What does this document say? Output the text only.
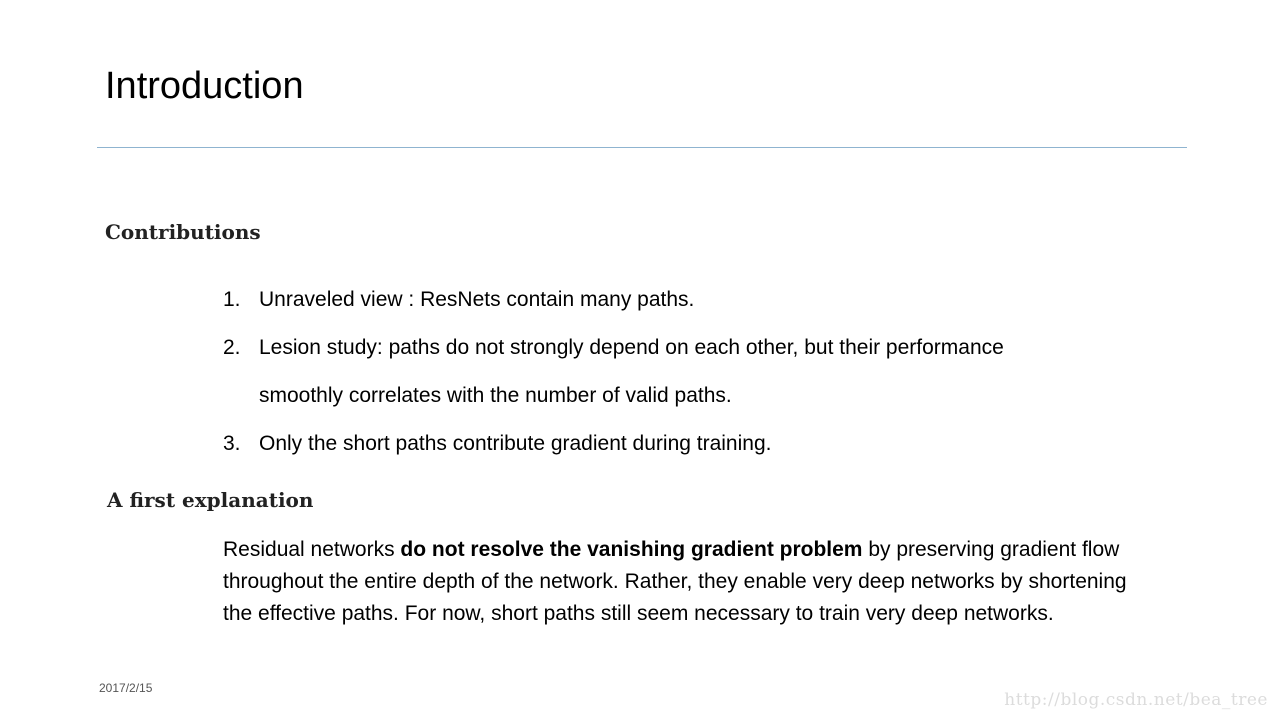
Introduction
Contributions
1. Unraveled view : ResNets contain many paths.
2. Lesion study: paths do not strongly depend on each other, but their performance smoothly correlates with the number of valid paths.
3. Only the short paths contribute gradient during training.
A first explanation

Residual networks do not resolve the vanishing gradient problem by preserving gradient flow throughout the entire depth of the network. Rather, they enable very deep networks by shortening the effective paths. For now, short paths still seem necessary to train very deep networks.

2017/2/15
http://blog.csdn.net/bea_tree
